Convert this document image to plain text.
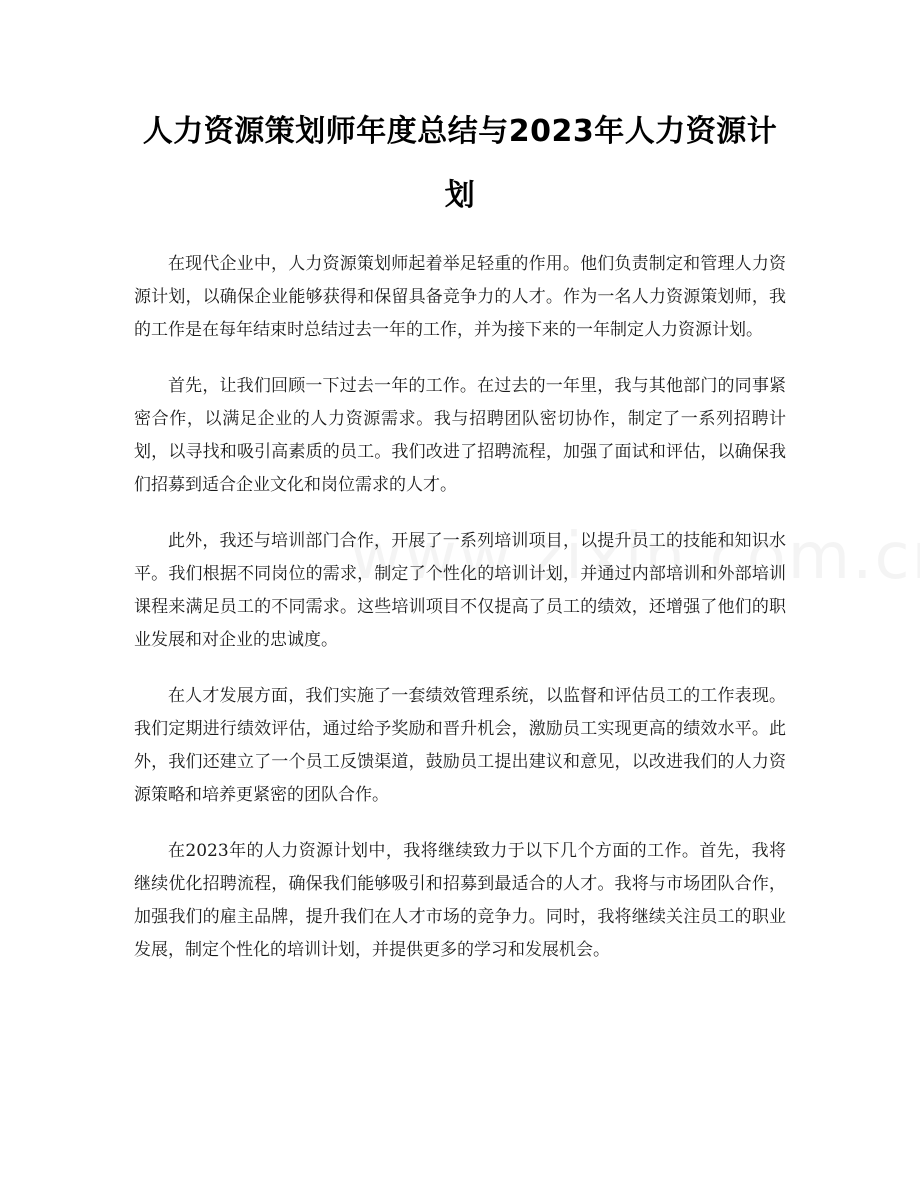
人力资源策划师年度总结与2023年人力资源计划

在现代企业中，人力资源策划师起着举足轻重的作用。他们负责制定和管理人力资源计划，以确保企业能够获得和保留具备竞争力的人才。作为一名人力资源策划师，我的工作是在每年结束时总结过去一年的工作，并为接下来的一年制定人力资源计划。

首先，让我们回顾一下过去一年的工作。在过去的一年里，我与其他部门的同事紧密合作，以满足企业的人力资源需求。我与招聘团队密切协作，制定了一系列招聘计划，以寻找和吸引高素质的员工。我们改进了招聘流程，加强了面试和评估，以确保我们招募到适合企业文化和岗位需求的人才。

此外，我还与培训部门合作，开展了一系列培训项目，以提升员工的技能和知识水平。我们根据不同岗位的需求，制定了个性化的培训计划，并通过内部培训和外部培训课程来满足员工的不同需求。这些培训项目不仅提高了员工的绩效，还增强了他们的职业发展和对企业的忠诚度。

在人才发展方面，我们实施了一套绩效管理系统，以监督和评估员工的工作表现。我们定期进行绩效评估，通过给予奖励和晋升机会，激励员工实现更高的绩效水平。此外，我们还建立了一个员工反馈渠道，鼓励员工提出建议和意见，以改进我们的人力资源策略和培养更紧密的团队合作。

在2023年的人力资源计划中，我将继续致力于以下几个方面的工作。首先，我将继续优化招聘流程，确保我们能够吸引和招募到最适合的人才。我将与市场团队合作，加强我们的雇主品牌，提升我们在人才市场的竞争力。同时，我将继续关注员工的职业发展，制定个性化的培训计划，并提供更多的学习和发展机会。
